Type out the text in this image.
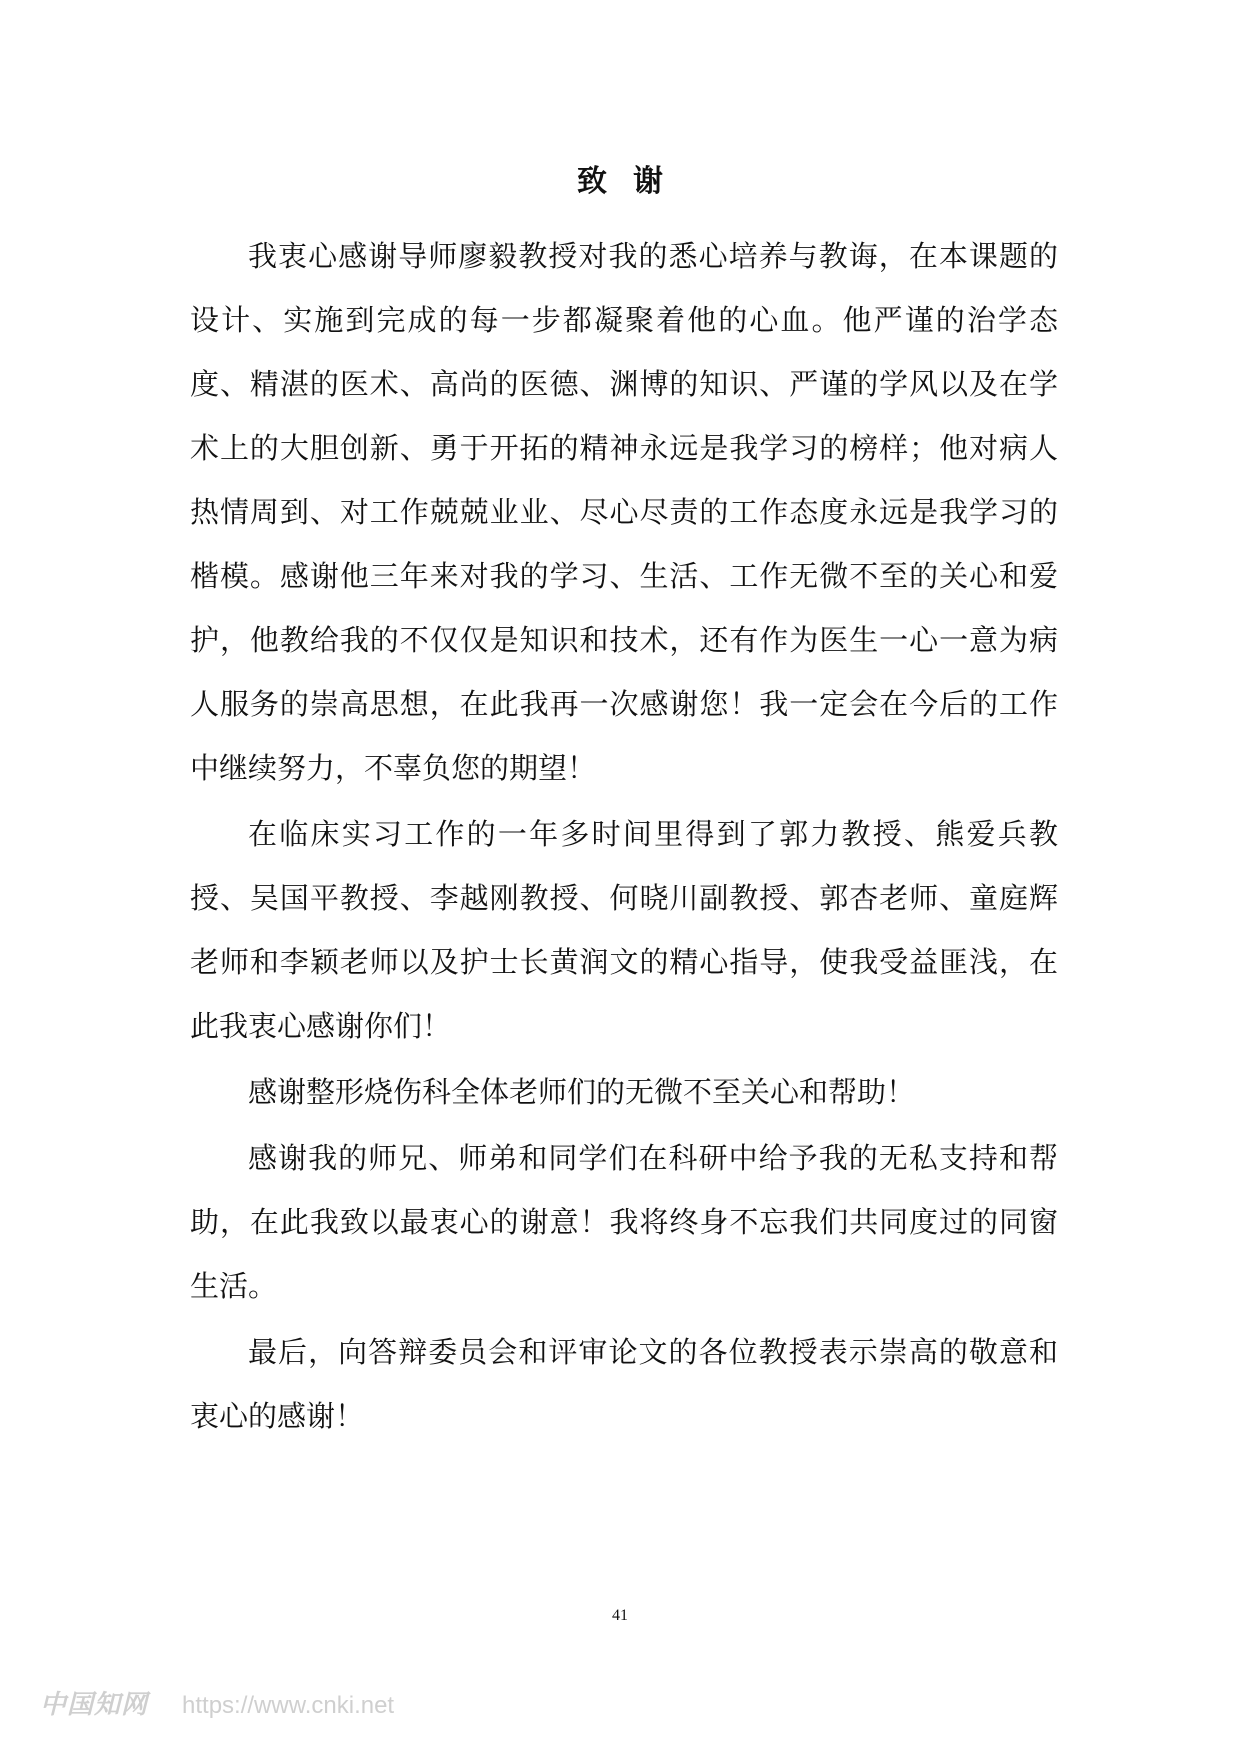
致谢

我衷心感谢导师廖毅教授对我的悉心培养与教诲，在本课题的设计、实施到完成的每一步都凝聚着他的心血。他严谨的治学态度、精湛的医术、高尚的医德、渊博的知识、严谨的学风以及在学术上的大胆创新、勇于开拓的精神永远是我学习的榜样；他对病人热情周到、对工作兢兢业业、尽心尽责的工作态度永远是我学习的楷模。感谢他三年来对我的学习、生活、工作无微不至的关心和爱护，他教给我的不仅仅是知识和技术，还有作为医生一心一意为病人服务的崇高思想，在此我再一次感谢您！我一定会在今后的工作中继续努力，不辜负您的期望！

在临床实习工作的一年多时间里得到了郭力教授、熊爱兵教授、吴国平教授、李越刚教授、何晓川副教授、郭杏老师、童庭辉老师和李颖老师以及护士长黄润文的精心指导，使我受益匪浅，在此我衷心感谢你们！

感谢整形烧伤科全体老师们的无微不至关心和帮助！

感谢我的师兄、师弟和同学们在科研中给予我的无私支持和帮助，在此我致以最衷心的谢意！我将终身不忘我们共同度过的同窗生活。

最后，向答辩委员会和评审论文的各位教授表示崇高的敬意和衷心的感谢！

41
中国知网 https://www.cnki.net
